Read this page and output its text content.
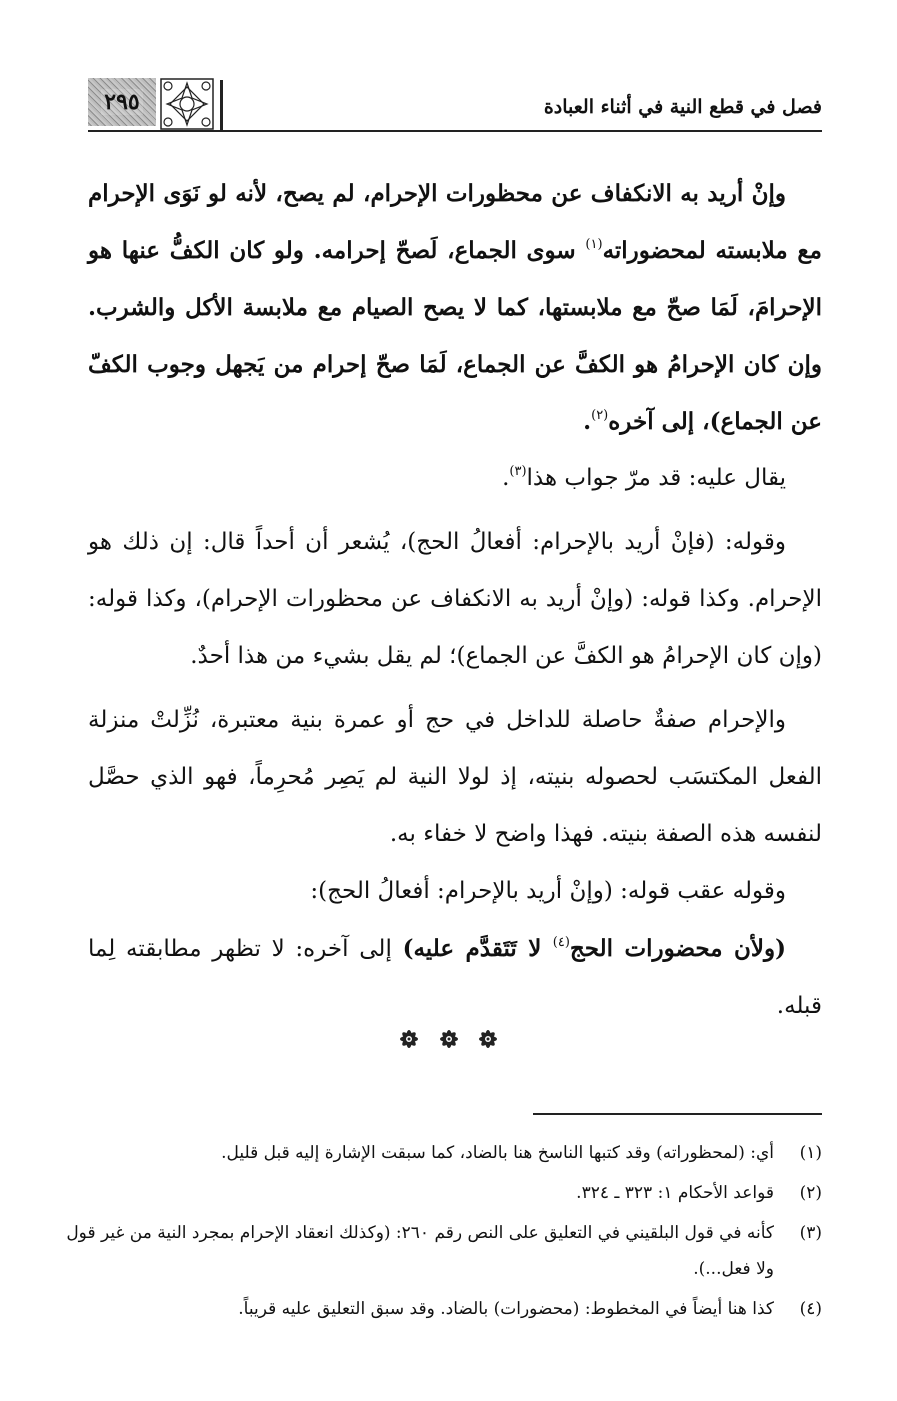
فصل في قطع النية في أثناء العبادة
٢٩٥

وإنْ أريد به الانكفاف عن محظورات الإحرام، لم يصح، لأنه لو نَوَى الإحرام مع ملابسته لمحضوراته$^{(١)}$ سوى الجماع، لَصحّ إحرامه. ولو كان الكفُّ عنها هو الإحرامَ، لَمَا صحّ مع ملابستها، كما لا يصح الصيام مع ملابسة الأكل والشرب. وإن كان الإحرامُ هو الكفَّ عن الجماع، لَمَا صحّ إحرام من يَجهل وجوب الكفّ عن الجماع)، إلى آخره$^{(٢)}$.

يقال عليه: قد مرّ جواب هذا$^{(٣)}$.

وقوله: (فإنْ أريد بالإحرام: أفعالُ الحج)، يُشعر أن أحداً قال: إن ذلك هو الإحرام. وكذا قوله: (وإنْ أريد به الانكفاف عن محظورات الإحرام)، وكذا قوله: (وإن كان الإحرامُ هو الكفَّ عن الجماع)؛ لم يقل بشيء من هذا أحدٌ.

والإحرام صفةٌ حاصلة للداخل في حج أو عمرة بنية معتبرة، نُزِّلتْ منزلة الفعل المكتسَب لحصوله بنيته، إذ لولا النية لم يَصِر مُحرِماً، فهو الذي حصَّل لنفسه هذه الصفة بنيته. فهذا واضح لا خفاء به.

وقوله عقب قوله: (وإنْ أريد بالإحرام: أفعالُ الحج):

(ولأن محضورات الحج$^{(٤)}$ لا تَتَقدَّم عليه) إلى آخره: لا تظهر مطابقته لِما قبله.

(١)
أي: (لمحظوراته) وقد كتبها الناسخ هنا بالضاد، كما سبقت الإشارة إليه قبل قليل.
(٢)
قواعد الأحكام ١: ٣٢٣ ـ ٣٢٤.
(٣)
كأنه في قول البلقيني في التعليق على النص رقم ٢٦٠: (وكذلك انعقاد الإحرام بمجرد النية من غير قول ولا فعل...).
(٤)
كذا هنا أيضاً في المخطوط: (محضورات) بالضاد. وقد سبق التعليق عليه قريباً.
